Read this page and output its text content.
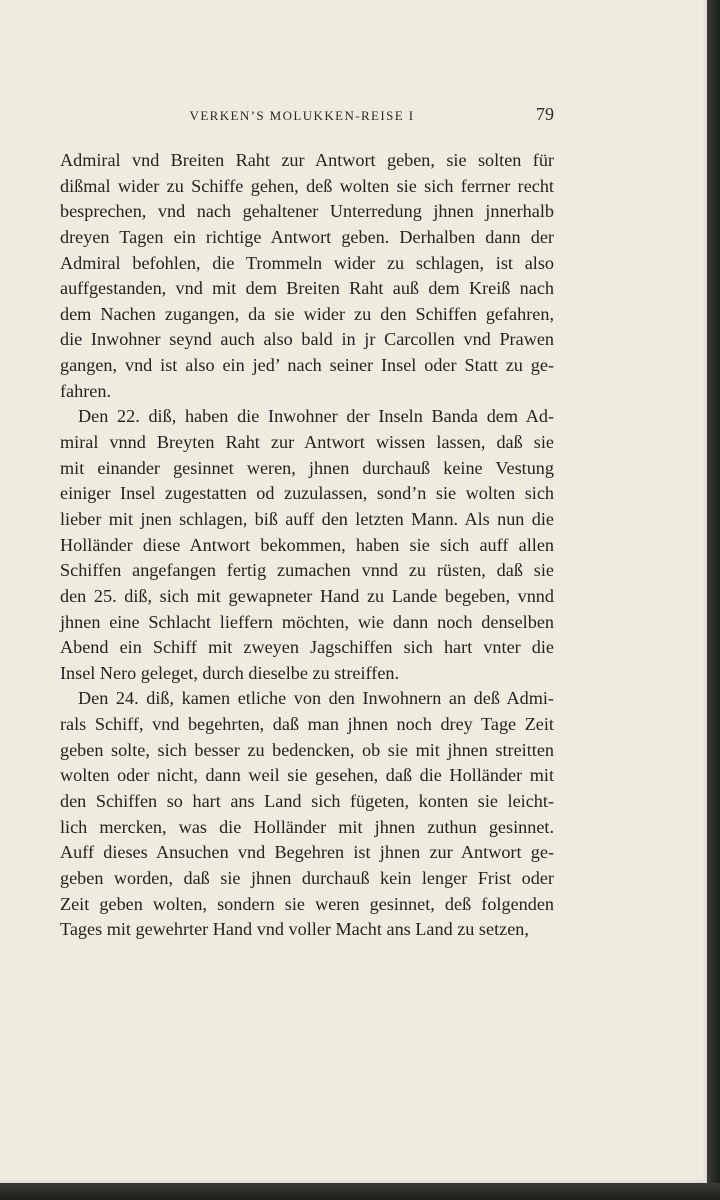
VERKEN’S MOLUKKEN-REISE I	79
Admiral vnd Breiten Raht zur Antwort geben, sie solten für
dißmal wider zu Schiffe gehen, deß wolten sie sich ferrner recht
besprechen, vnd nach gehaltener Unterredung jhnen jnnerhalb
dreyen Tagen ein richtige Antwort geben. Derhalben dann der
Admiral befohlen, die Trommeln wider zu schlagen, ist also
auffgestanden, vnd mit dem Breiten Raht auß dem Kreiß nach
dem Nachen zugangen, da sie wider zu den Schiffen gefahren,
die Inwohner seynd auch also bald in jr Carcollen vnd Prawen
gangen, vnd ist also ein jed’ nach seiner Insel oder Statt zu ge-
fahren.
Den 22. diß, haben die Inwohner der Inseln Banda dem Ad-
miral vnnd Breyten Raht zur Antwort wissen lassen, daß sie
mit einander gesinnet weren, jhnen durchauß keine Vestung
einiger Insel zugestatten od zuzulassen, sond’n sie wolten sich
lieber mit jnen schlagen, biß auff den letzten Mann. Als nun die
Holländer diese Antwort bekommen, haben sie sich auff allen
Schiffen angefangen fertig zumachen vnnd zu rüsten, daß sie
den 25. diß, sich mit gewapneter Hand zu Lande begeben, vnnd
jhnen eine Schlacht lieffern möchten, wie dann noch denselben
Abend ein Schiff mit zweyen Jagschiffen sich hart vnter die
Insel Nero geleget, durch dieselbe zu streiffen.
Den 24. diß, kamen etliche von den Inwohnern an deß Admi-
rals Schiff, vnd begehrten, daß man jhnen noch drey Tage Zeit
geben solte, sich besser zu bedencken, ob sie mit jhnen streitten
wolten oder nicht, dann weil sie gesehen, daß die Holländer mit
den Schiffen so hart ans Land sich fügeten, konten sie leicht-
lich mercken, was die Holländer mit jhnen zuthun gesinnet.
Auff dieses Ansuchen vnd Begehren ist jhnen zur Antwort ge-
geben worden, daß sie jhnen durchauß kein lenger Frist oder
Zeit geben wolten, sondern sie weren gesinnet, deß folgenden
Tages mit gewehrter Hand vnd voller Macht ans Land zu setzen,
